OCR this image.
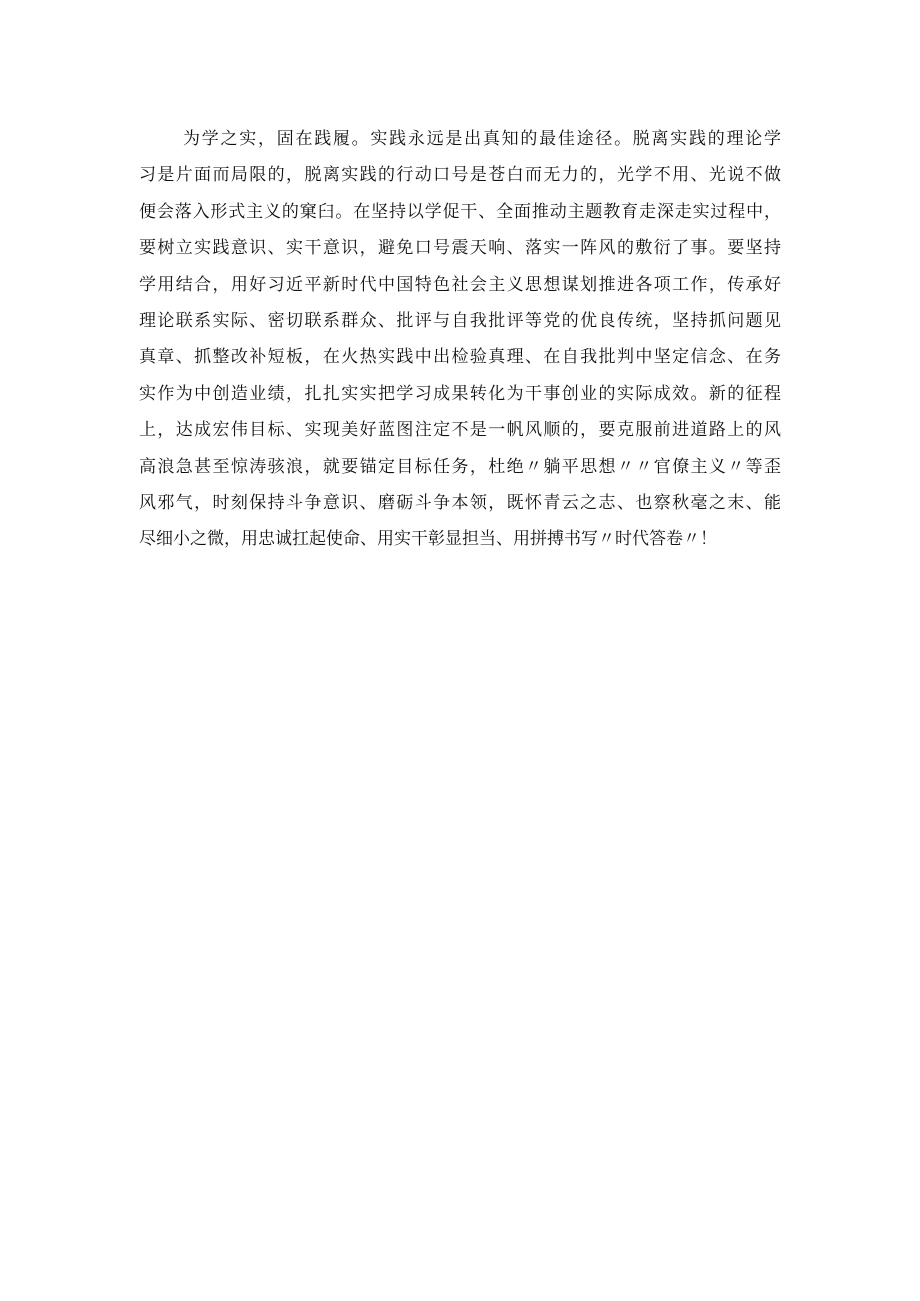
为学之实，固在践履。实践永远是出真知的最佳途径。脱离实践的理论学
习是片面而局限的，脱离实践的行动口号是苍白而无力的，光学不用、光说不做
便会落入形式主义的窠臼。在坚持以学促干、全面推动主题教育走深走实过程中，
要树立实践意识、实干意识，避免口号震天响、落实一阵风的敷衍了事。要坚持
学用结合，用好习近平新时代中国特色社会主义思想谋划推进各项工作，传承好
理论联系实际、密切联系群众、批评与自我批评等党的优良传统，坚持抓问题见
真章、抓整改补短板，在火热实践中出检验真理、在自我批判中坚定信念、在务
实作为中创造业绩，扎扎实实把学习成果转化为干事创业的实际成效。新的征程
上，达成宏伟目标、实现美好蓝图注定不是一帆风顺的，要克服前进道路上的风
高浪急甚至惊涛骇浪，就要锚定目标任务，杜绝〃躺平思想〃〃官僚主义〃等歪
风邪气，时刻保持斗争意识、磨砺斗争本领，既怀青云之志、也察秋毫之末、能
尽细小之微，用忠诚扛起使命、用实干彰显担当、用拼搏书写〃时代答卷〃！
